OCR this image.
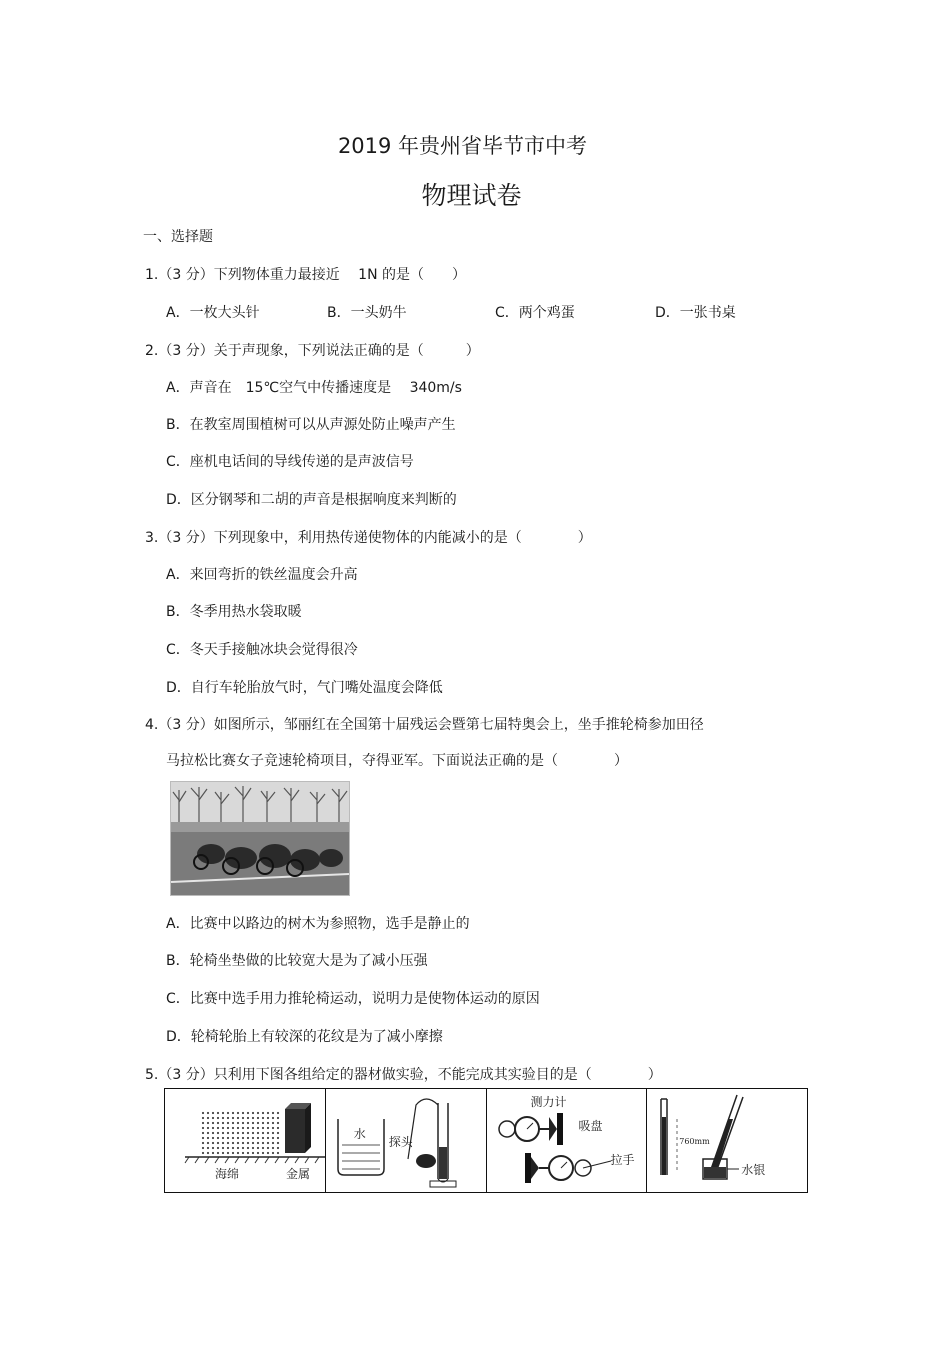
2019 年贵州省毕节市中考
物理试卷
一、选择题
1.（3 分）下列物体重力最接近　 1N 的是（　　）
A．一枚大头针	B．一头奶牛	C．两个鸡蛋	D．一张书桌
2.（3 分）关于声现象，下列说法正确的是（　　　）
A．声音在　15℃空气中传播速度是　 340m/s
B．在教室周围植树可以从声源处防止噪声产生
C．座机电话间的导线传递的是声波信号
D．区分钢琴和二胡的声音是根据响度来判断的
3.（3 分）下列现象中，利用热传递使物体的内能减小的是（　　　　）
A．来回弯折的铁丝温度会升高
B．冬季用热水袋取暖
C．冬天手接触冰块会觉得很冷
D．自行车轮胎放气时，气门嘴处温度会降低
4.（3 分）如图所示，邹丽红在全国第十届残运会暨第七届特奥会上，坐手推轮椅参加田径
马拉松比赛女子竞速轮椅项目，夺得亚军。下面说法正确的是（　　　　）
A．比赛中以路边的树木为参照物，选手是静止的
B．轮椅坐垫做的比较宽大是为了减小压强
C．比赛中选手用力推轮椅运动，说明力是使物体运动的原因
D．轮椅轮胎上有较深的花纹是为了减小摩擦
5.（3 分）只利用下图各组给定的器材做实验，不能完成其实验目的是（　　　　）
海绵	金属
水
探头
测力计
吸盘
拉手
760mm
水银
